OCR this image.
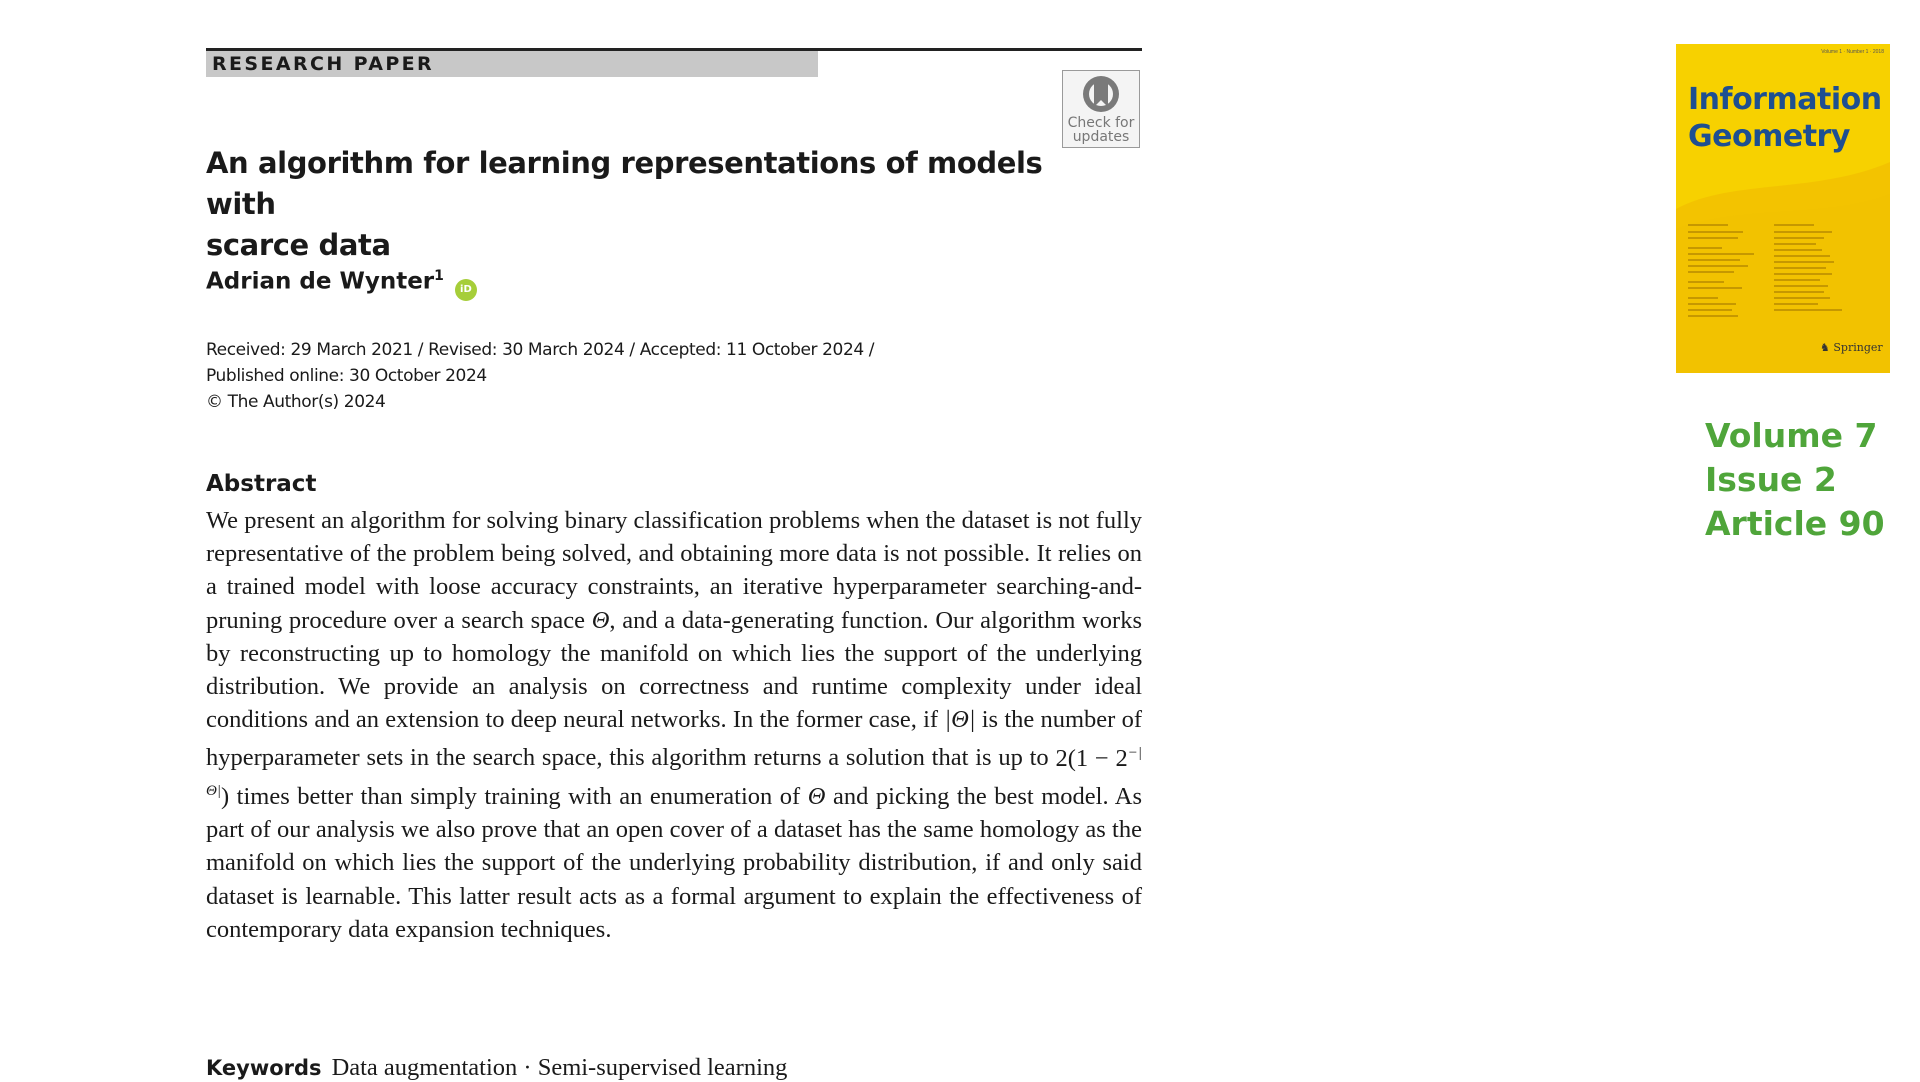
RESEARCH PAPER
Check for
updates
An algorithm for learning representations of models with
scarce data
Adrian de Wynter$^1$ iD
Received: 29 March 2021 / Revised: 30 March 2024 / Accepted: 11 October 2024 /
Published online: 30 October 2024
© The Author(s) 2024
Abstract

We present an algorithm for solving binary classification problems when the dataset is not fully representative of the problem being solved, and obtaining more data is not possible. It relies on a trained model with loose accuracy constraints, an iterative hyperparameter searching-and-pruning procedure over a search space Θ, and a data-generating function. Our algorithm works by reconstructing up to homology the manifold on which lies the support of the underlying distribution. We provide an analysis on correctness and runtime complexity under ideal conditions and an extension to deep neural networks. In the former case, if |Θ| is the number of hyperparameter sets in the search space, this algorithm returns a solution that is up to $2(1 - 2^{-|\Theta|})$ times better than simply training with an enumeration of Θ and picking the best model. As part of our analysis we also prove that an open cover of a dataset has the same homology as the manifold on which lies the support of the underlying probability distribution, if and only said dataset is learnable. This latter result acts as a formal argument to explain the effectiveness of contemporary data expansion techniques.

Keywords Data augmentation · Semi-supervised learning
Volume 1 · Number 1 · 2018
Information
Geometry
♞ Springer
Volume 7
Issue 2
Article 90
